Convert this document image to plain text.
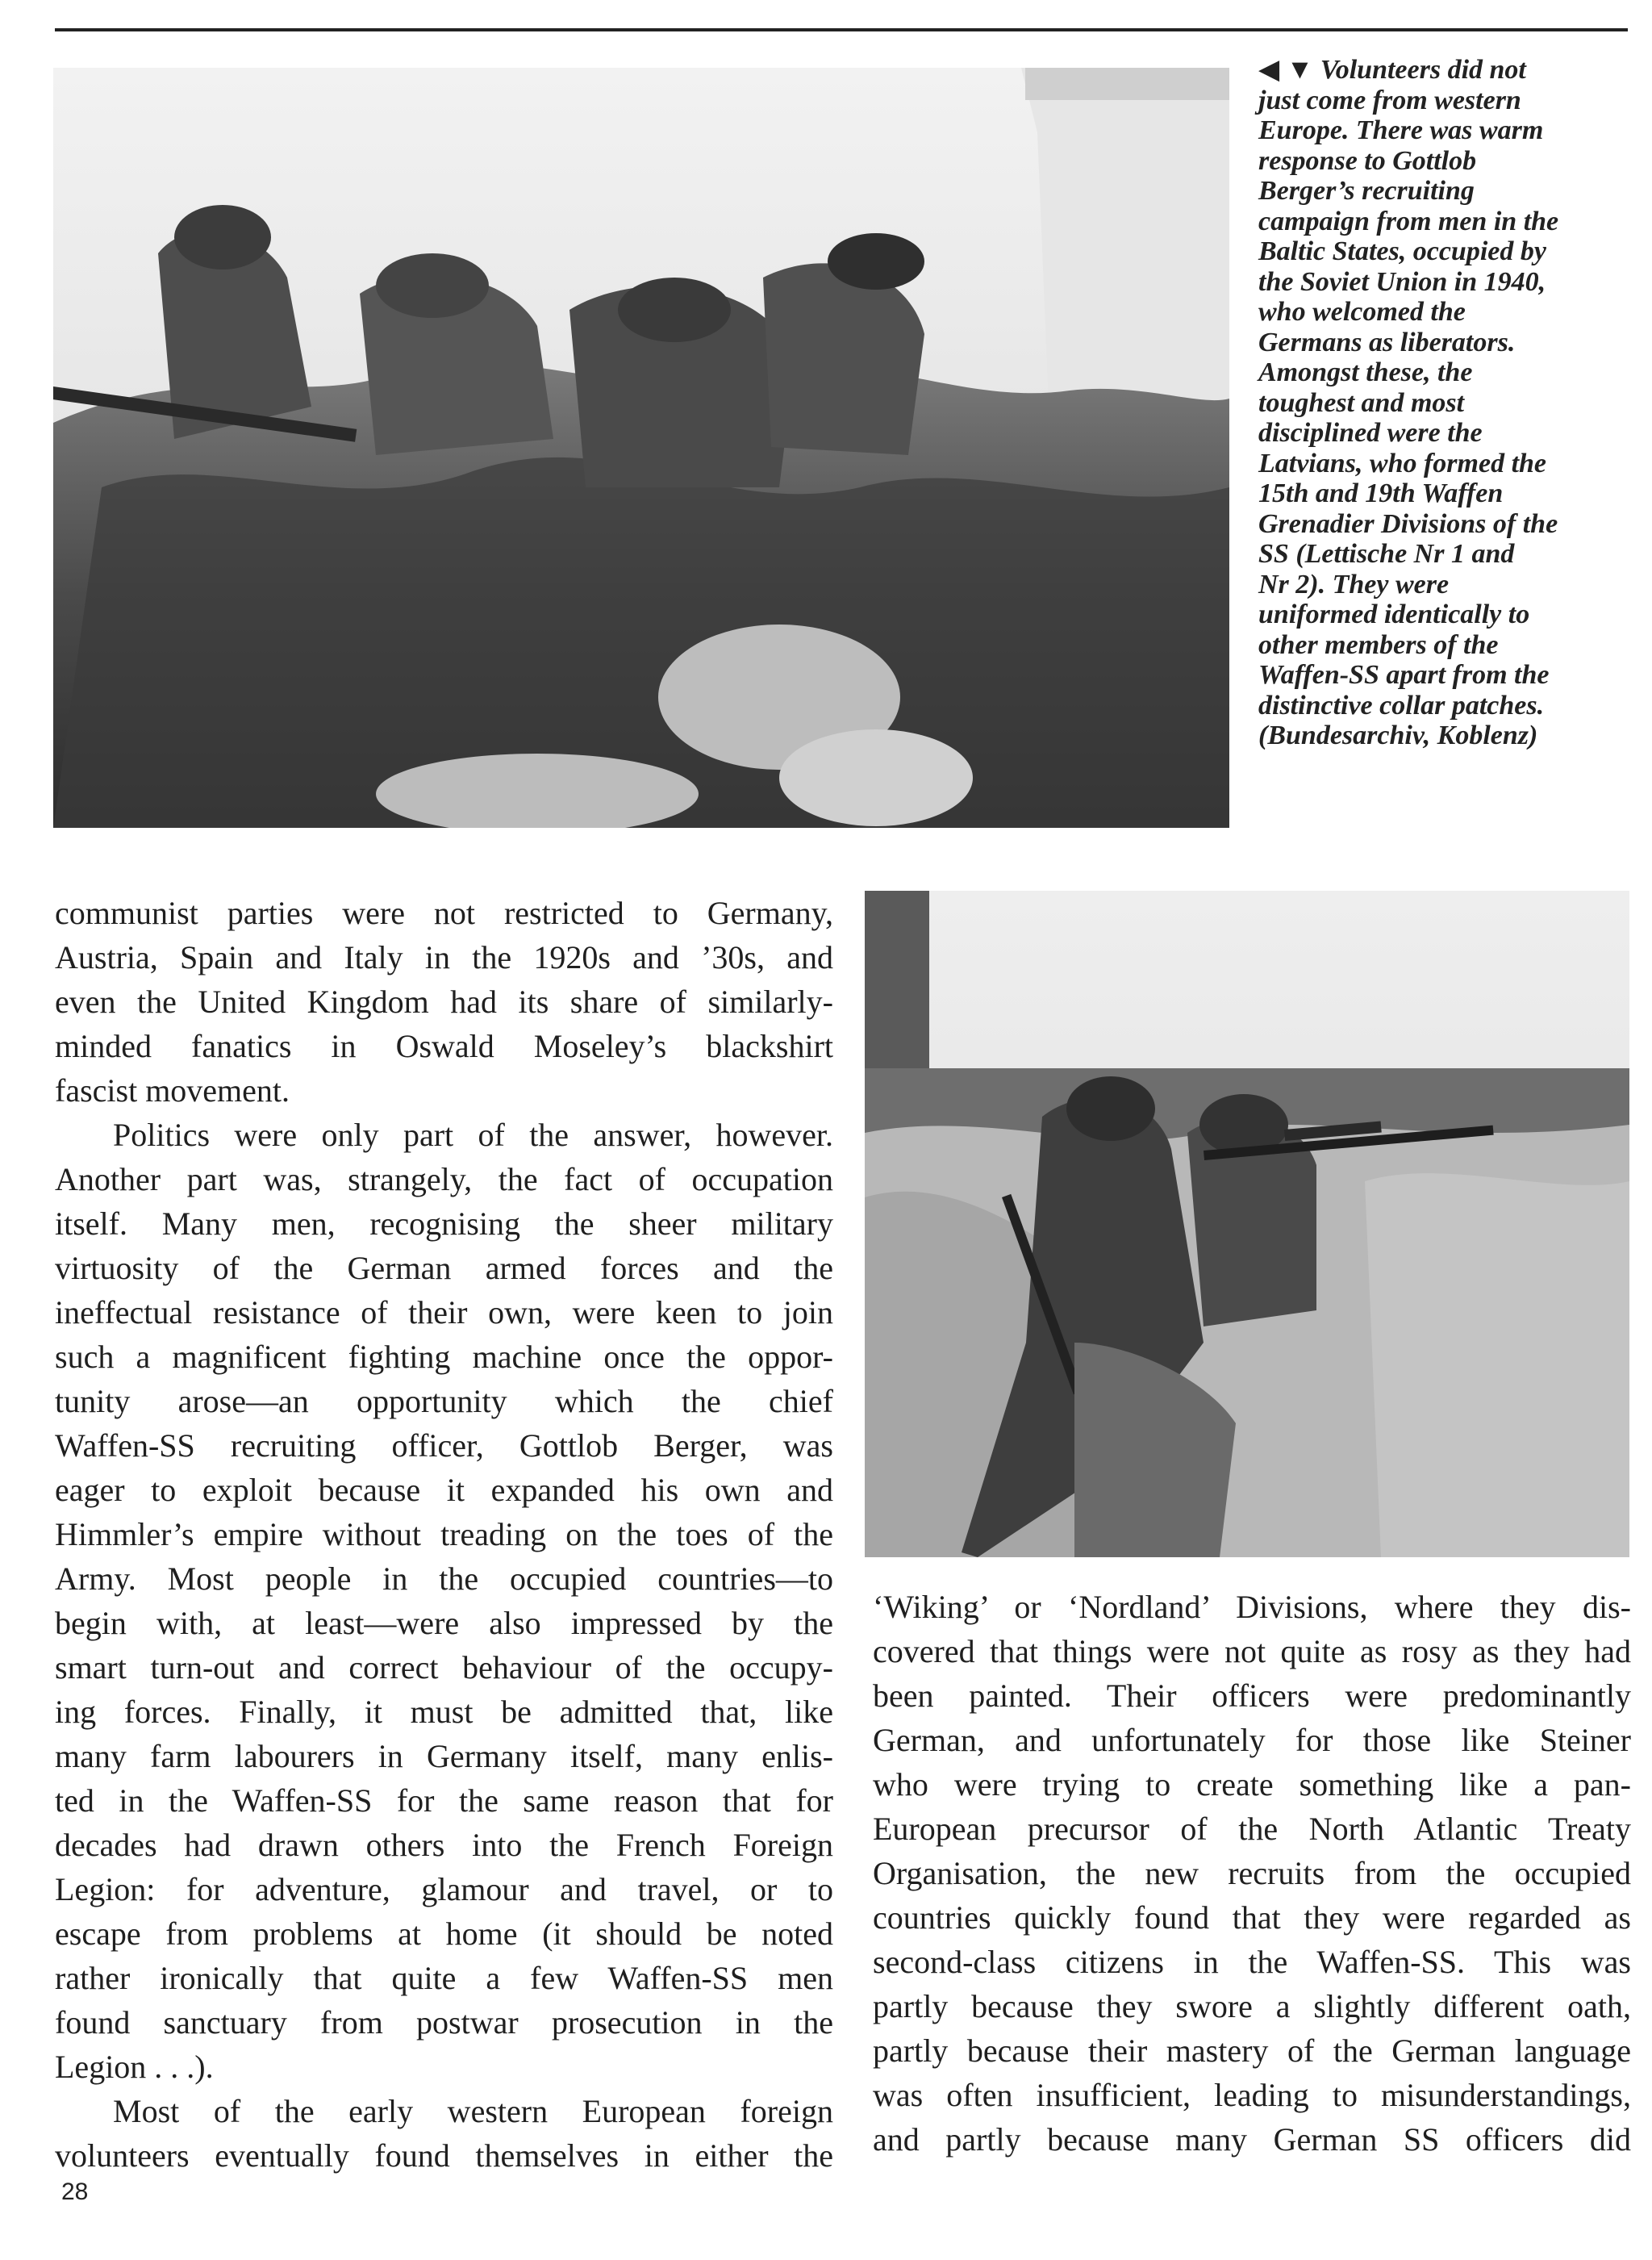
◀ ▼ Volunteers did not
just come from western
Europe. There was warm
response to Gottlob
Berger’s recruiting
campaign from men in the
Baltic States, occupied by
the Soviet Union in 1940,
who welcomed the
Germans as liberators.
Amongst these, the
toughest and most
disciplined were the
Latvians, who formed the
15th and 19th Waffen
Grenadier Divisions of the
SS (Lettische Nr 1 and
Nr 2). They were
uniformed identically to
other members of the
Waffen-SS apart from the
distinctive collar patches.
(Bundesarchiv, Koblenz)
communist parties were not restricted to Germany,
Austria, Spain and Italy in the 1920s and ’30s, and
even the United Kingdom had its share of similarly-
minded fanatics in Oswald Moseley’s blackshirt
fascist movement.
Politics were only part of the answer, however.
Another part was, strangely, the fact of occupation
itself. Many men, recognising the sheer military
virtuosity of the German armed forces and the
ineffectual resistance of their own, were keen to join
such a magnificent fighting machine once the oppor-
tunity arose—an opportunity which the chief
Waffen-SS recruiting officer, Gottlob Berger, was
eager to exploit because it expanded his own and
Himmler’s empire without treading on the toes of the
Army. Most people in the occupied countries—to
begin with, at least—were also impressed by the
smart turn-out and correct behaviour of the occupy-
ing forces. Finally, it must be admitted that, like
many farm labourers in Germany itself, many enlis-
ted in the Waffen-SS for the same reason that for
decades had drawn others into the French Foreign
Legion: for adventure, glamour and travel, or to
escape from problems at home (it should be noted
rather ironically that quite a few Waffen-SS men
found sanctuary from postwar prosecution in the
Legion . . .).
Most of the early western European foreign
volunteers eventually found themselves in either the
‘Wiking’ or ‘Nordland’ Divisions, where they dis-
covered that things were not quite as rosy as they had
been painted. Their officers were predominantly
German, and unfortunately for those like Steiner
who were trying to create something like a pan-
European precursor of the North Atlantic Treaty
Organisation, the new recruits from the occupied
countries quickly found that they were regarded as
second-class citizens in the Waffen-SS. This was
partly because they swore a slightly different oath,
partly because their mastery of the German language
was often insufficient, leading to misunderstandings,
and partly because many German SS officers did
28
